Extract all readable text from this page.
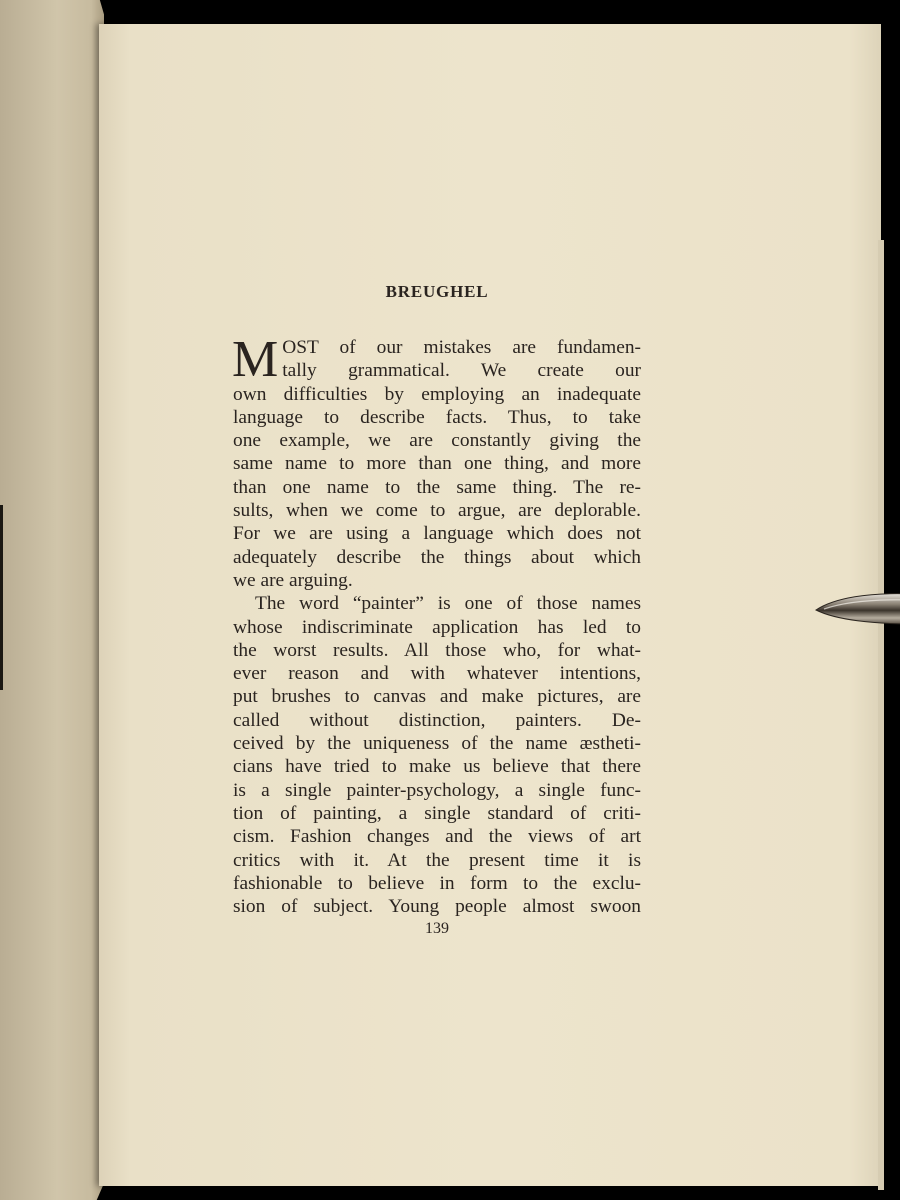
BREUGHEL
M OST of our mistakes are fundamen-

tally grammatical. We create our

own difficulties by employing an inadequate

language to describe facts. Thus, to take

one example, we are constantly giving the

same name to more than one thing, and more

than one name to the same thing. The re-

sults, when we come to argue, are deplorable.

For we are using a language which does not

adequately describe the things about which

we are arguing.

The word “painter” is one of those names

whose indiscriminate application has led to

the worst results. All those who, for what-

ever reason and with whatever intentions,

put brushes to canvas and make pictures, are

called without distinction, painters. De-

ceived by the uniqueness of the name æstheti-

cians have tried to make us believe that there

is a single painter-psychology, a single func-

tion of painting, a single standard of criti-

cism. Fashion changes and the views of art

critics with it. At the present time it is

fashionable to believe in form to the exclu-

sion of subject. Young people almost swoon

139
